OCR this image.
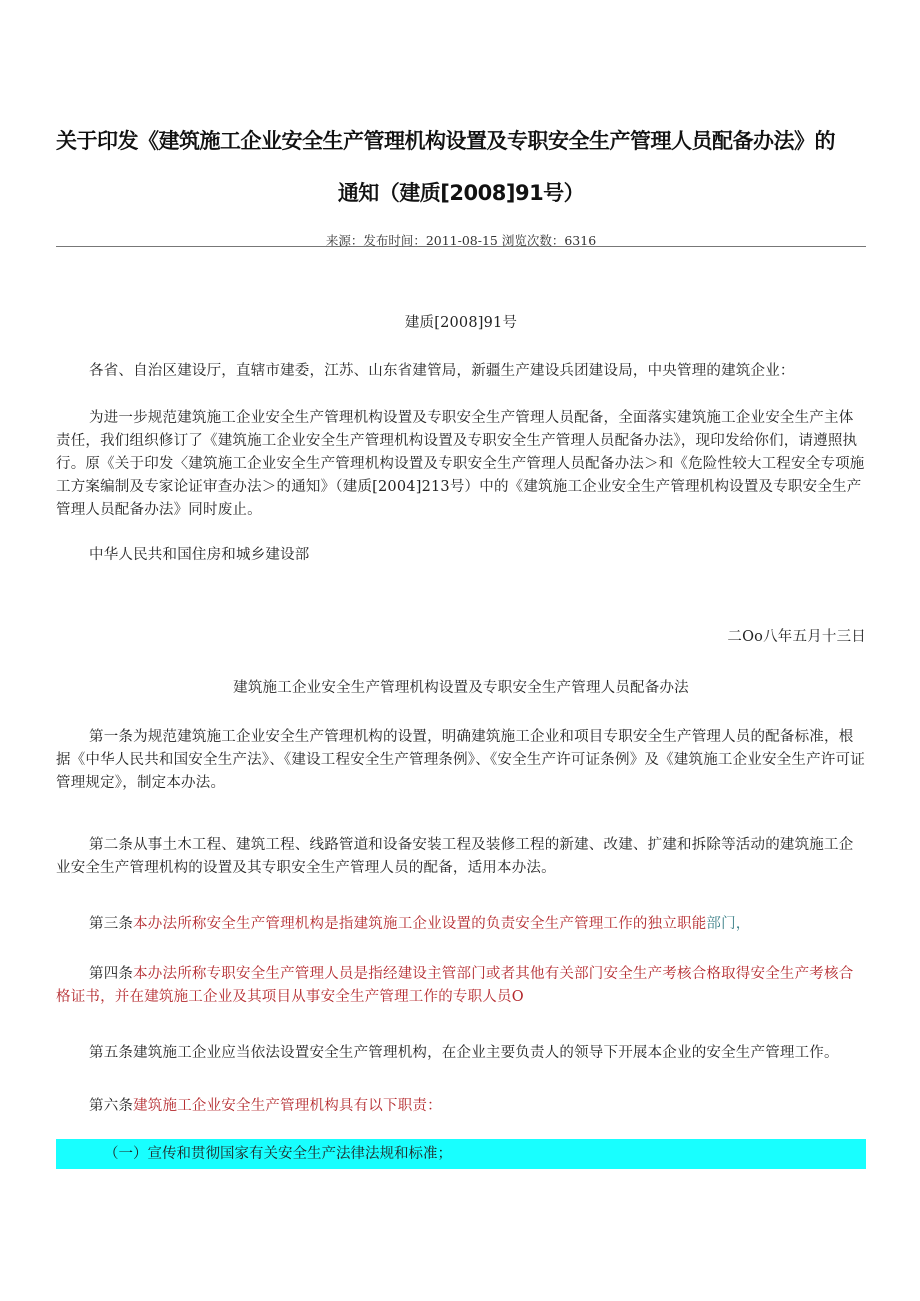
关于印发《建筑施工企业安全生产管理机构设置及专职安全生产管理人员配备办法》的
通知（建质[2008]91号）
来源：发布时间：2011-08-15 浏览次数：6316
建质[2008]91号
各省、自治区建设厅，直辖市建委，江苏、山东省建管局，新疆生产建设兵团建设局，中央管理的建筑企业：
为进一步规范建筑施工企业安全生产管理机构设置及专职安全生产管理人员配备，全面落实建筑施工企业安全生产主体责任，我们组织修订了《建筑施工企业安全生产管理机构设置及专职安全生产管理人员配备办法》，现印发给你们，请遵照执行。原《关于印发〈建筑施工企业安全生产管理机构设置及专职安全生产管理人员配备办法＞和《危险性较大工程安全专项施工方案编制及专家论证审查办法＞的通知》（建质[2004]213号）中的《建筑施工企业安全生产管理机构设置及专职安全生产管理人员配备办法》同时废止。
中华人民共和国住房和城乡建设部
二Oo八年五月十三日
建筑施工企业安全生产管理机构设置及专职安全生产管理人员配备办法
第一条为规范建筑施工企业安全生产管理机构的设置，明确建筑施工企业和项目专职安全生产管理人员的配备标准，根据《中华人民共和国安全生产法》、《建设工程安全生产管理条例》、《安全生产许可证条例》及《建筑施工企业安全生产许可证管理规定》，制定本办法。
第二条从事土木工程、建筑工程、线路管道和设备安装工程及装修工程的新建、改建、扩建和拆除等活动的建筑施工企业安全生产管理机构的设置及其专职安全生产管理人员的配备，适用本办法。
第三条本办法所称安全生产管理机构是指建筑施工企业设置的负责安全生产管理工作的独立职能部门，
第四条本办法所称专职安全生产管理人员是指经建设主管部门或者其他有关部门安全生产考核合格取得安全生产考核合格证书，并在建筑施工企业及其项目从事安全生产管理工作的专职人员O
第五条建筑施工企业应当依法设置安全生产管理机构，在企业主要负责人的领导下开展本企业的安全生产管理工作。
第六条建筑施工企业安全生产管理机构具有以下职责：
（一）宣传和贯彻国家有关安全生产法律法规和标准；
